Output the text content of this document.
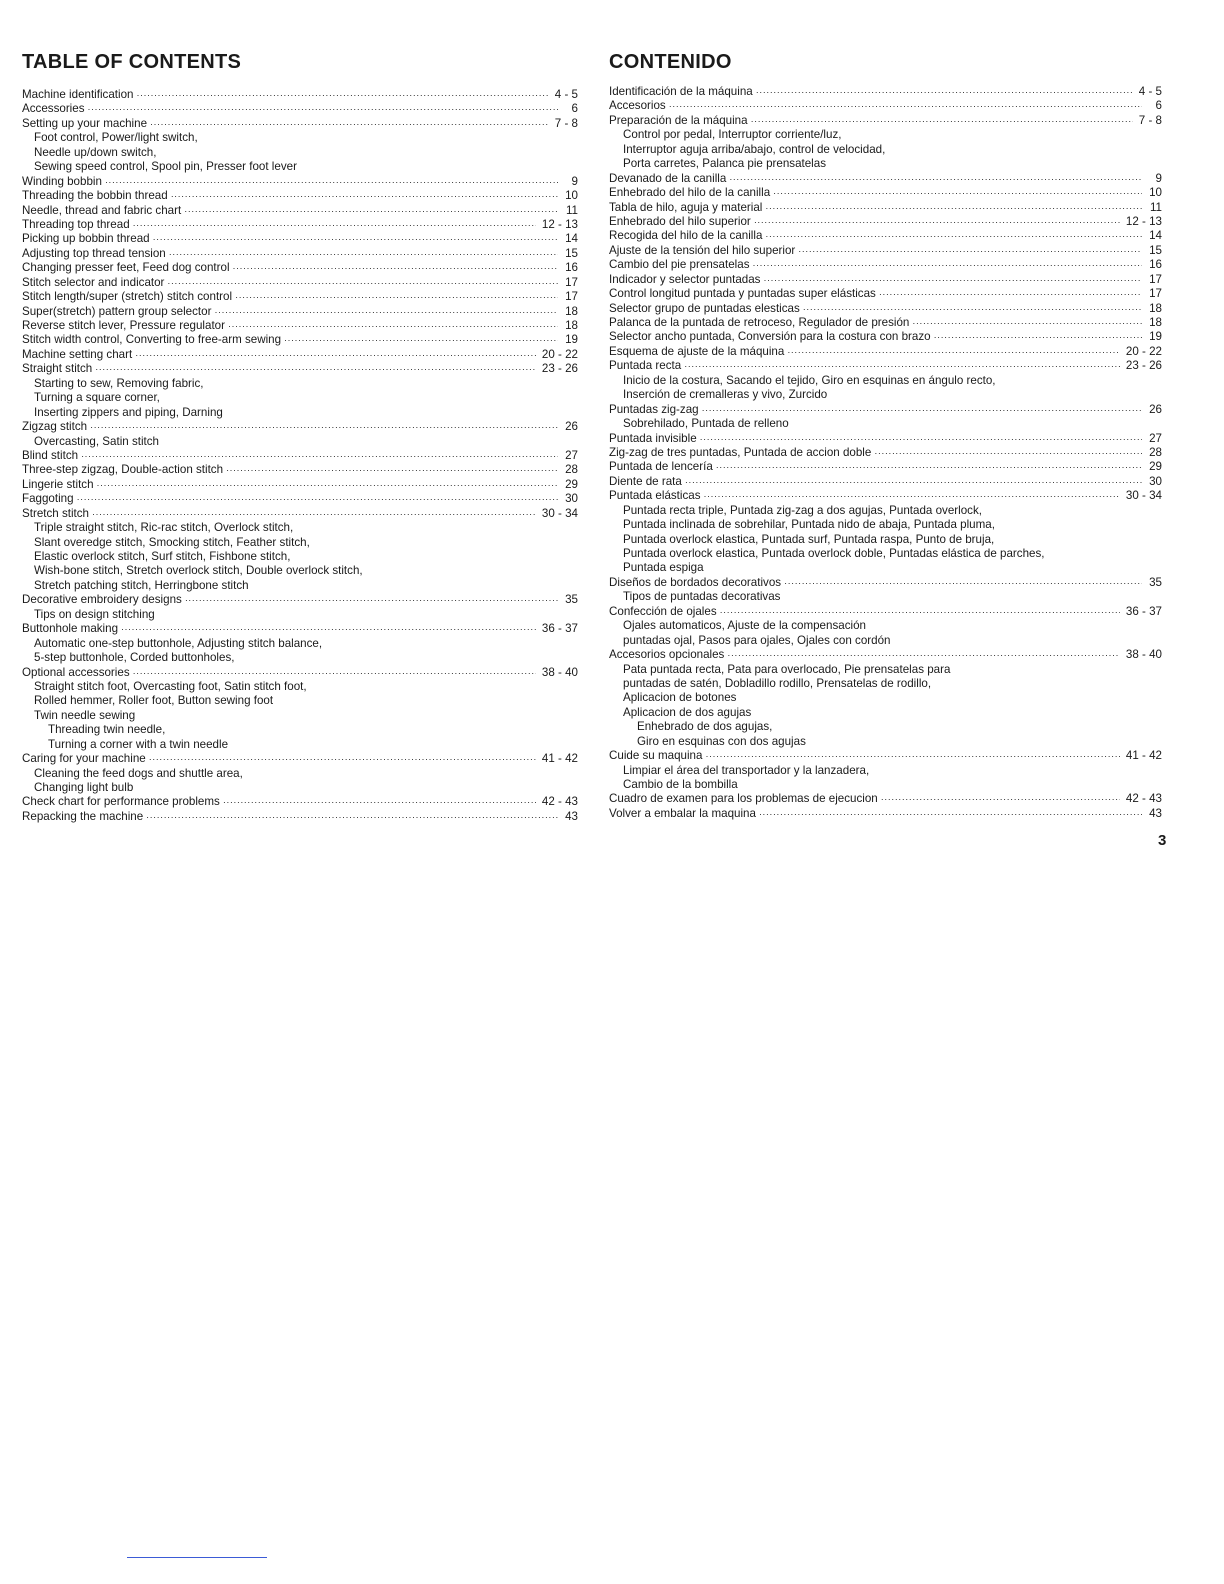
TABLE OF CONTENTS
Machine identification ·····	4 - 5
Accessories ·····	6
Setting up your machine ·····	7 - 8
Foot control, Power/light switch,
Needle up/down switch,
Sewing speed control, Spool pin, Presser foot lever
Winding bobbin ·····	9
Threading the bobbin thread ·····	10
Needle, thread and fabric chart ·····	11
Threading top thread ·····	12 - 13
Picking up bobbin thread ·····	14
Adjusting top thread tension ·····	15
Changing presser feet, Feed dog control ·····	16
Stitch selector and indicator ·····	17
Stitch length/super (stretch) stitch control ·····	17
Super(stretch) pattern group selector ·····	18
Reverse stitch lever, Pressure regulator ·····	18
Stitch width control, Converting to free-arm sewing ·····	19
Machine setting chart ·····	20 - 22
Straight stitch ·····	23 - 26
Starting to sew, Removing fabric,
Turning a square corner,
Inserting zippers and piping, Darning
Zigzag stitch ·····	26
Overcasting, Satin stitch
Blind stitch ·····	27
Three-step zigzag, Double-action stitch ·····	28
Lingerie stitch ·····	29
Faggoting ·····	30
Stretch stitch ·····	30 - 34
Triple straight stitch, Ric-rac stitch, Overlock stitch,
Slant overedge stitch, Smocking stitch, Feather stitch,
Elastic overlock stitch, Surf stitch, Fishbone stitch,
Wish-bone stitch, Stretch overlock stitch, Double overlock stitch,
Stretch patching stitch, Herringbone stitch
Decorative embroidery designs ·····	35
Tips on design stitching
Buttonhole making ·····	36 - 37
Automatic one-step buttonhole, Adjusting stitch balance,
5-step buttonhole, Corded buttonholes,
Optional accessories ·····	38 - 40
Straight stitch foot, Overcasting foot, Satin stitch foot,
Rolled hemmer, Roller foot, Button sewing foot
Twin needle sewing
Threading twin needle,
Turning a corner with a twin needle
Caring for your machine ·····	41 - 42
Cleaning the feed dogs and shuttle area,
Changing light bulb
Check chart for performance problems ·····	42 - 43
Repacking the machine ·····	43
CONTENIDO
Identificación de la máquina ·····	4 - 5
Accesorios ·····	6
Preparación de la máquina ·····	7 - 8
Control por pedal, Interruptor corriente/luz,
Interruptor aguja arriba/abajo, control de velocidad,
Porta carretes, Palanca pie prensatelas
Devanado de la canilla ·····	9
Enhebrado del hilo de la canilla ·····	10
Tabla de hilo, aguja y material ·····	11
Enhebrado del hilo superior ·····	12 - 13
Recogida del hilo de la canilla ·····	14
Ajuste de la tensión del hilo superior ·····	15
Cambio del pie prensatelas ·····	16
Indicador y selector puntadas ·····	17
Control longitud puntada y puntadas super elásticas ·····	17
Selector grupo de puntadas elesticas ·····	18
Palanca de la puntada de retroceso, Regulador de presión ·····	18
Selector ancho puntada, Conversión para la costura con brazo ·····	19
Esquema de ajuste de la máquina ·····	20 - 22
Puntada recta ·····	23 - 26
Inicio de la costura, Sacando el tejido, Giro en esquinas en ángulo recto,
Inserción de cremalleras y vivo, Zurcido
Puntadas zig-zag ·····	26
Sobrehilado, Puntada de relleno
Puntada invisible ·····	27
Zig-zag de tres puntadas, Puntada de accion doble ·····	28
Puntada de lencería ·····	29
Diente de rata ·····	30
Puntada elásticas ·····	30 - 34
Puntada recta triple, Puntada zig-zag a dos agujas, Puntada overlock,
Puntada inclinada de sobrehilar, Puntada nido de abaja, Puntada pluma,
Puntada overlock elastica, Puntada surf, Puntada raspa, Punto de bruja,
Puntada overlock elastica, Puntada overlock doble, Puntadas elástica de parches,
Puntada espiga
Diseños de bordados decorativos ·····	35
Tipos de puntadas decorativas
Confección de ojales ·····	36 - 37
Ojales automaticos, Ajuste de la compensación
puntadas ojal, Pasos para ojales, Ojales con cordón
Accesorios opcionales ·····	38 - 40
Pata puntada recta, Pata para overlocado, Pie prensatelas para
puntadas de satén, Dobladillo rodillo, Prensatelas de rodillo,
Aplicacion de botones
Aplicacion de dos agujas
Enhebrado de dos agujas,
Giro en esquinas con dos agujas
Cuide su maquina ·····	41 - 42
Limpiar el área del transportador y la lanzadera,
Cambio de la bombilla
Cuadro de examen para los problemas de ejecucion ·····	42 - 43
Volver a embalar la maquina ·····	43
3
